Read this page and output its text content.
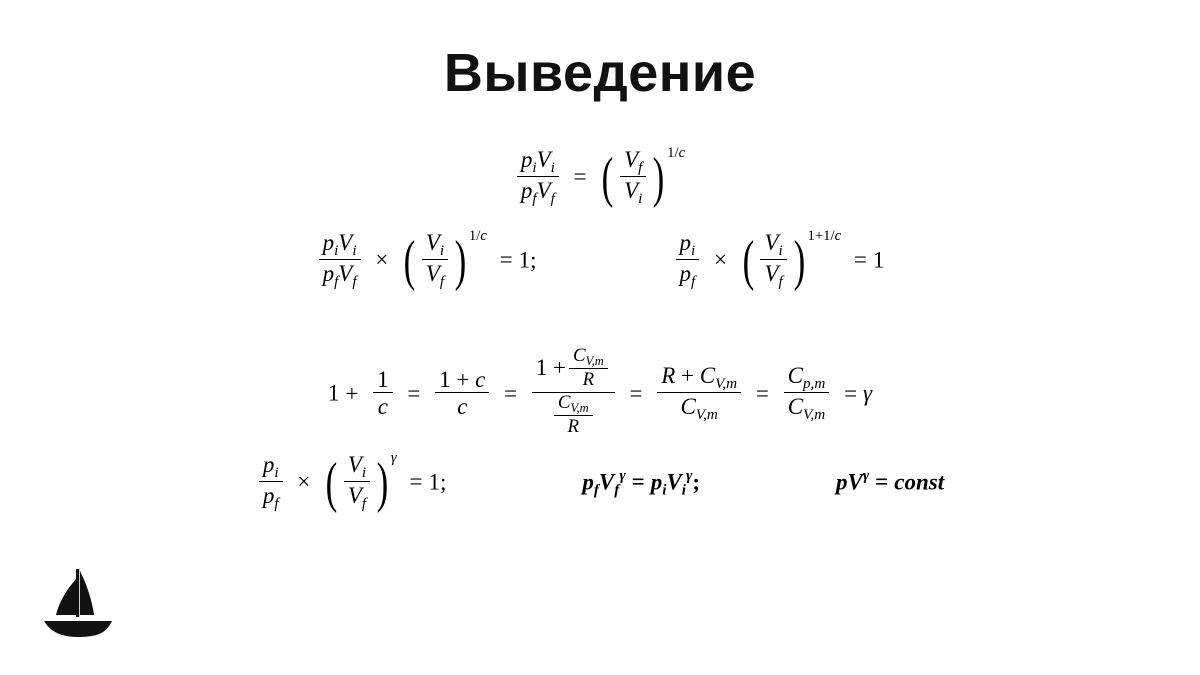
Выведение
$\frac{p_iV_i}{p_fV_f}$ = ( $\frac{V_f}{V_i}$ ) 1/c
$\frac{p_iV_i}{p_fV_f}$ × ( $\frac{V_i}{V_f}$ ) 1/c = 1;	$\frac{p_i}{p_f}$ × ( $\frac{V_i}{V_f}$ ) 1+1/c = 1
$1 + \frac{1}{c} = \frac{1 + c}{c} = \frac{1 + \frac{C_{V,m}}{R}}{\frac{C_{V,m}}{R}} = \frac{R + C_{V,m}}{C_{V,m}} = \frac{C_{p,m}}{C_{V,m}} = \gamma$
$\frac{p_i}{p_f}$ × ( $\frac{V_i}{V_f}$ ) γ = 1;	$p_fV_f^\gamma = p_iV_i^\gamma$;	$pV^\gamma$ = const
